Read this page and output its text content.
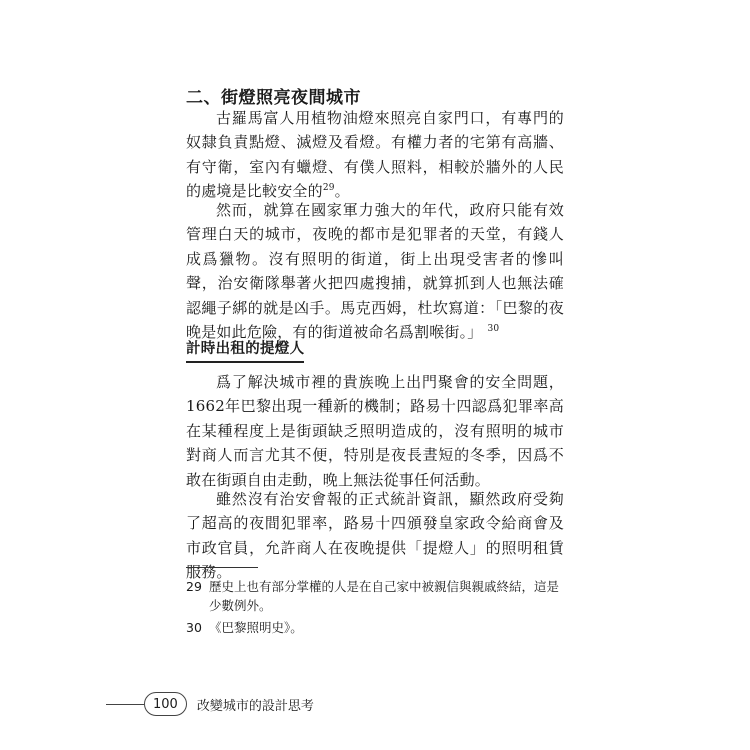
二、街燈照亮夜間城市

古羅馬富人用植物油燈來照亮自家門口，有專門的奴隸負責點燈、滅燈及看燈。有權力者的宅第有高牆、有守衛，室內有蠟燈、有僕人照料，相較於牆外的人民的處境是比較安全的$^{29}$。

然而，就算在國家軍力強大的年代，政府只能有效管理白天的城市，夜晚的都市是犯罪者的天堂，有錢人成爲獵物。沒有照明的街道，街上出現受害者的慘叫聲，治安衛隊舉著火把四處搜捕，就算抓到人也無法確認繩子綁的就是凶手。馬克西姆，杜坎寫道：「巴黎的夜晚是如此危險，有的街道被命名爲割喉街。」 $^{30}$

計時出租的提燈人

爲了解決城市裡的貴族晚上出門聚會的安全問題，1662年巴黎出現一種新的機制；路易十四認爲犯罪率高在某種程度上是街頭缺乏照明造成的，沒有照明的城市對商人而言尤其不便，特別是夜長晝短的冬季，因爲不敢在街頭自由走動，晚上無法從事任何活動。

雖然沒有治安會報的正式統計資訊，顯然政府受夠了超高的夜間犯罪率，路易十四頒發皇家政令給商會及市政官員，允許商人在夜晚提供「提燈人」的照明租賃服務。

29 歷史上也有部分掌權的人是在自己家中被親信與親戚終結，這是少數例外。
30 《巴黎照明史》。
100	改變城市的設計思考
